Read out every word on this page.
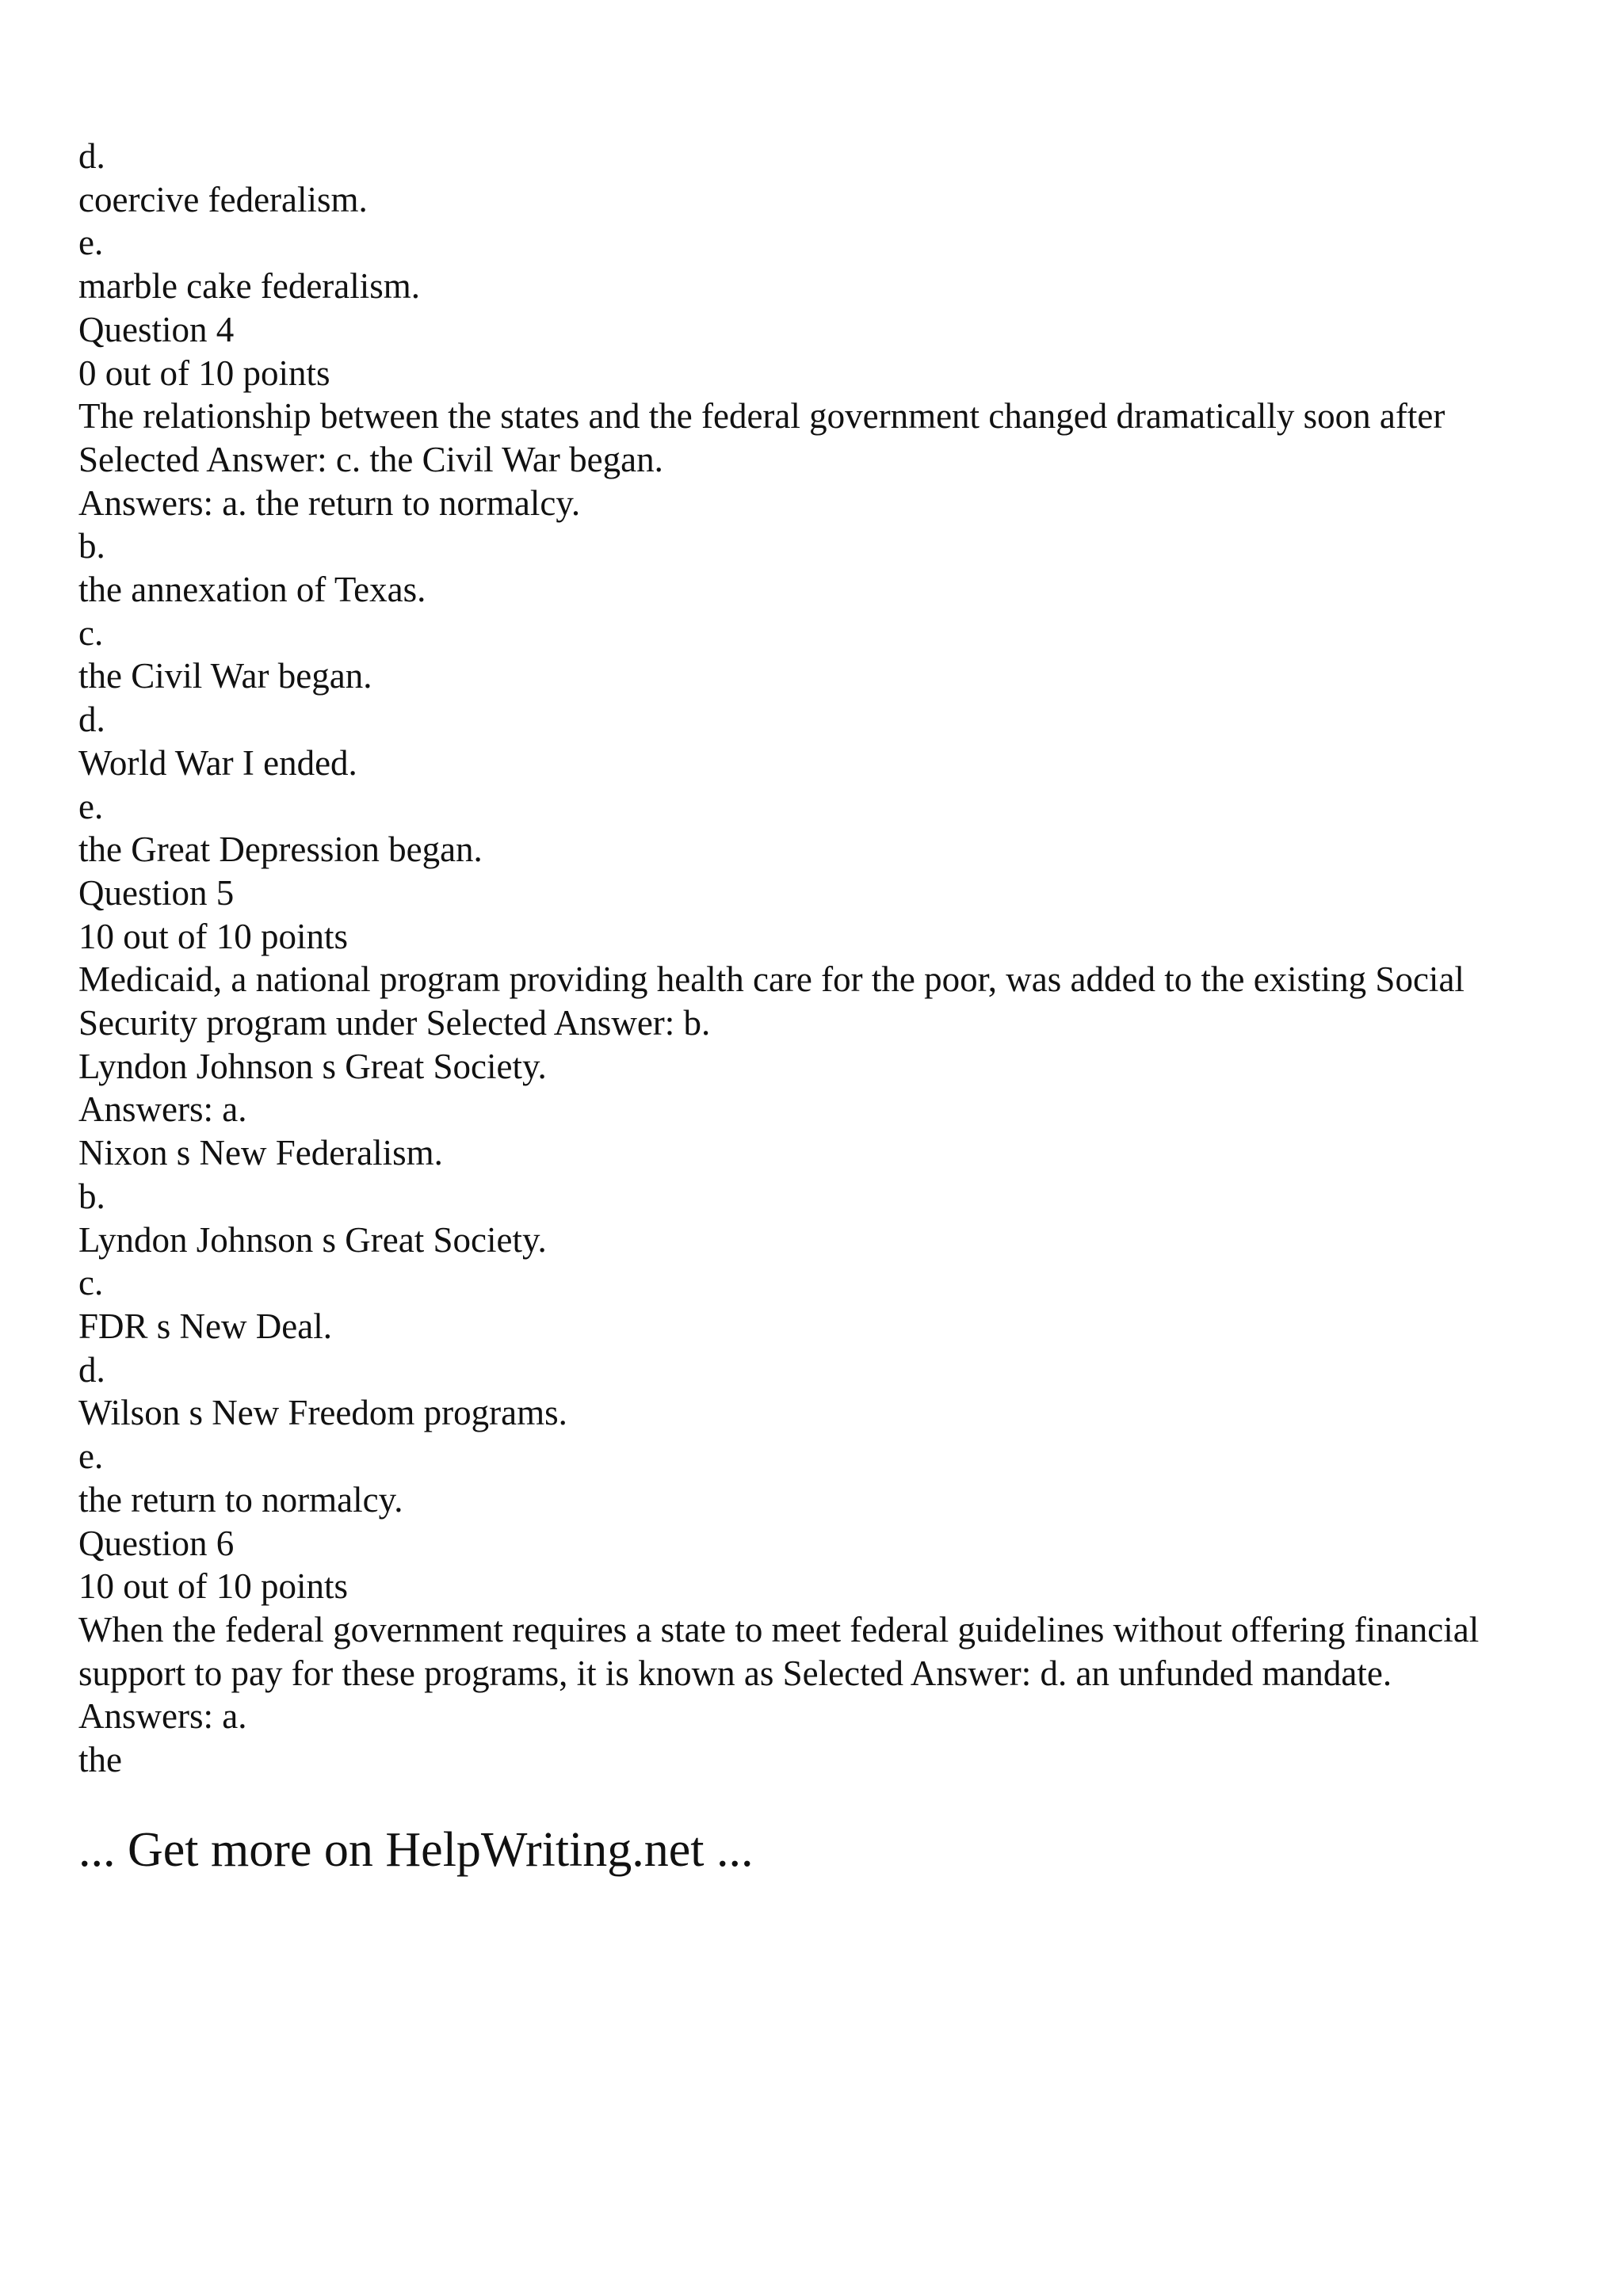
d.
coercive federalism.
e.
marble cake federalism.
Question 4
0 out of 10 points
The relationship between the states and the federal government changed dramatically soon after
Selected Answer: c. the Civil War began.
Answers: a. the return to normalcy.
b.
the annexation of Texas.
c.
the Civil War began.
d.
World War I ended.
e.
the Great Depression began.
Question 5
10 out of 10 points
Medicaid, a national program providing health care for the poor, was added to the existing Social
Security program under Selected Answer: b.
Lyndon Johnson s Great Society.
Answers: a.
Nixon s New Federalism.
b.
Lyndon Johnson s Great Society.
c.
FDR s New Deal.
d.
Wilson s New Freedom programs.
e.
the return to normalcy.
Question 6
10 out of 10 points
When the federal government requires a state to meet federal guidelines without offering financial
support to pay for these programs, it is known as Selected Answer: d. an unfunded mandate.
Answers: a.
the
... Get more on HelpWriting.net ...
